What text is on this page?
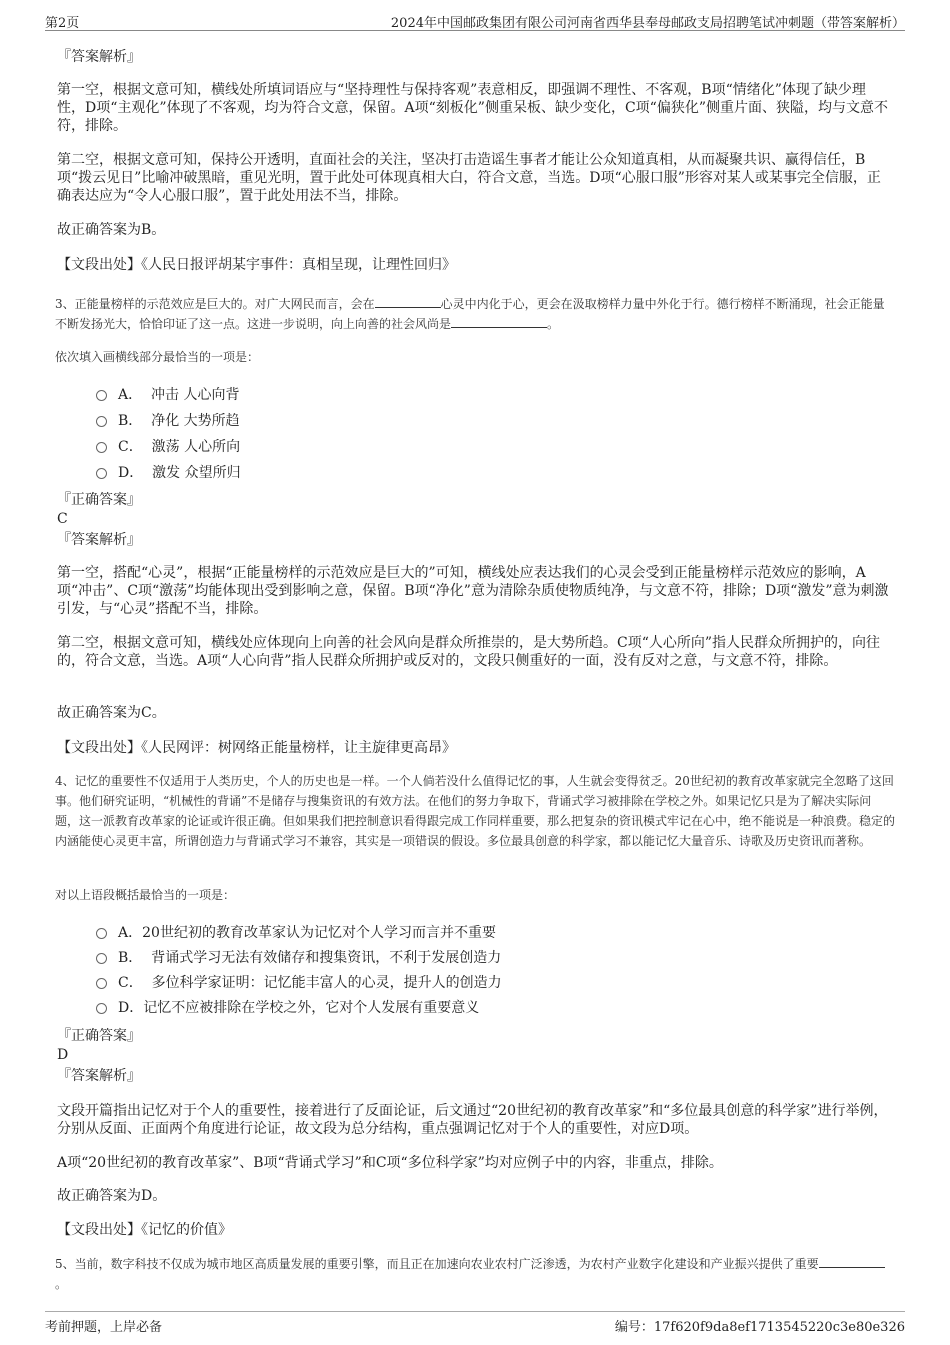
第2页	2024年中国邮政集团有限公司河南省西华县奉母邮政支局招聘笔试冲刺题（带答案解析）
『答案解析』
第一空，根据文意可知，横线处所填词语应与“坚持理性与保持客观”表意相反，即强调不理性、不客观，B项“情绪化”体现了缺少理性，D项“主观化”体现了不客观，均为符合文意，保留。A项“刻板化”侧重呆板、缺少变化，C项“偏狭化”侧重片面、狭隘，均与文意不符，排除。
第二空，根据文意可知，保持公开透明，直面社会的关注，坚决打击造谣生事者才能让公众知道真相，从而凝聚共识、赢得信任，B项“拨云见日”比喻冲破黑暗，重见光明，置于此处可体现真相大白，符合文意，当选。D项“心服口服”形容对某人或某事完全信服，正确表达应为“令人心服口服”，置于此处用法不当，排除。
故正确答案为B。
【文段出处】《人民日报评胡某宇事件：真相呈现，让理性回归》
3、正能量榜样的示范效应是巨大的。对广大网民而言，会在	心灵中内化于心，更会在汲取榜样力量中外化于行。德行榜样不断涌现，社会正能量不断发扬光大，恰恰印证了这一点。这进一步说明，向上向善的社会风尚是	。
依次填入画横线部分最恰当的一项是：
A． 冲击 人心向背
B． 净化 大势所趋
C． 激荡 人心所向
D． 激发 众望所归
『正确答案』
C
『答案解析』
第一空，搭配“心灵”，根据“正能量榜样的示范效应是巨大的”可知，横线处应表达我们的心灵会受到正能量榜样示范效应的影响，A项“冲击”、C项“激荡”均能体现出受到影响之意，保留。B项“净化”意为清除杂质使物质纯净，与文意不符，排除；D项“激发”意为刺激引发，与“心灵”搭配不当，排除。
第二空，根据文意可知，横线处应体现向上向善的社会风向是群众所推崇的，是大势所趋。C项“人心所向”指人民群众所拥护的，向往的，符合文意，当选。A项“人心向背”指人民群众所拥护或反对的，文段只侧重好的一面，没有反对之意，与文意不符，排除。
故正确答案为C。
【文段出处】《人民网评：树网络正能量榜样，让主旋律更高昂》
4、记忆的重要性不仅适用于人类历史，个人的历史也是一样。一个人倘若没什么值得记忆的事，人生就会变得贫乏。20世纪初的教育改革家就完全忽略了这回事。他们研究证明，“机械性的背诵”不是储存与搜集资讯的有效方法。在他们的努力争取下，背诵式学习被排除在学校之外。如果记忆只是为了解决实际问题，这一派教育改革家的论证或许很正确。但如果我们把控制意识看得跟完成工作同样重要，那么把复杂的资讯模式牢记在心中，绝不能说是一种浪费。稳定的内涵能使心灵更丰富，所谓创造力与背诵式学习不兼容，其实是一项错误的假设。多位最具创意的科学家，都以能记忆大量音乐、诗歌及历史资讯而著称。
对以上语段概括最恰当的一项是：
A．20世纪初的教育改革家认为记忆对个人学习而言并不重要
B． 背诵式学习无法有效储存和搜集资讯，不利于发展创造力
C． 多位科学家证明：记忆能丰富人的心灵，提升人的创造力
D．记忆不应被排除在学校之外，它对个人发展有重要意义
『正确答案』
D
『答案解析』
文段开篇指出记忆对于个人的重要性，接着进行了反面论证，后文通过“20世纪初的教育改革家”和“多位最具创意的科学家”进行举例，分别从反面、正面两个角度进行论证，故文段为总分结构，重点强调记忆对于个人的重要性，对应D项。
A项“20世纪初的教育改革家”、B项“背诵式学习”和C项“多位科学家”均对应例子中的内容，非重点，排除。
故正确答案为D。
【文段出处】《记忆的价值》
5、当前，数字科技不仅成为城市地区高质量发展的重要引擎，而且正在加速向农业农村广泛渗透，为农村产业数字化建设和产业振兴提供了重要。
考前押题，上岸必备	编号：17f620f9da8ef1713545220c3e80e326
